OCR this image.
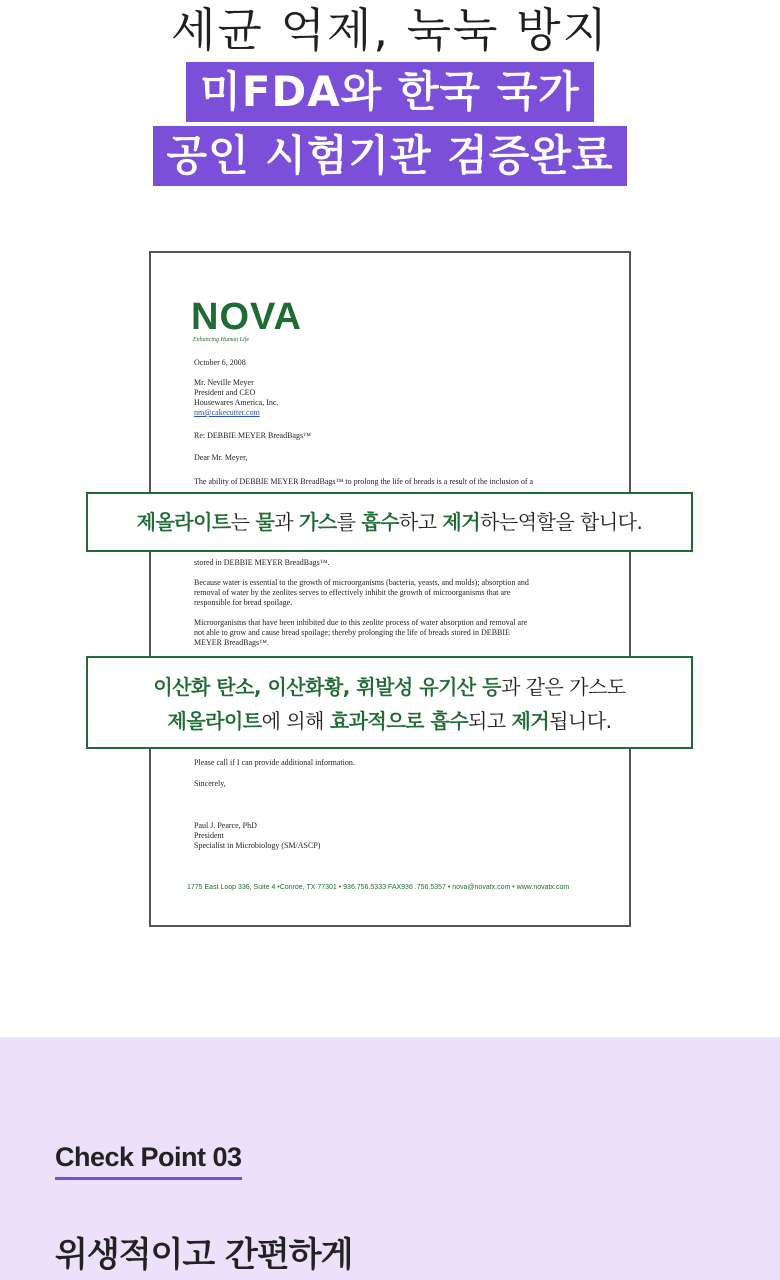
세균 억제, 눅눅 방지
미FDA와 한국 국가
공인 시험기관 검증완료
NOVA
Enhancing Human Life
October 6, 2008
Mr. Neville Meyer
President and CEO
Housewares America, Inc.
nm@cakecutter.com
Re: DEBBIE MEYER BreadBags™
Dear Mr. Meyer,
The ability of DEBBIE MEYER BreadBags™ to prolong the life of breads is a result of the inclusion of a
stored in DEBBIE MEYER BreadBags™.
Because water is essential to the growth of microorganisms (bacteria, yeasts, and molds); absorption and
removal of water by the zeolites serves to effectively inhibit the growth of microorganisms that are
responsible for bread spoilage.
Microorganisms that have been inhibited due to this zeolite process of water absorption and removal are
not able to grow and cause bread spoilage; thereby prolonging the life of breads stored in DEBBIE
MEYER BreadBags™.
Please call if I can provide additional information.
Sincerely,
Paul J. Pearce, PhD
President
Specialist in Microbiology (SM/ASCP)
1775 East Loop 336, Suite 4 •Conroe, TX 77301 • 936.756.5333 FAX936 .756.5357 • nova@novatx.com • www.novatx.com
제올라이트는 물과 가스를 흡수하고 제거하는역할을 합니다.
이산화 탄소, 이산화황, 휘발성 유기산 등과 같은 가스도
제올라이트에 의해 효과적으로 흡수되고 제거됩니다.
Check Point 03
위생적이고 간편하게
